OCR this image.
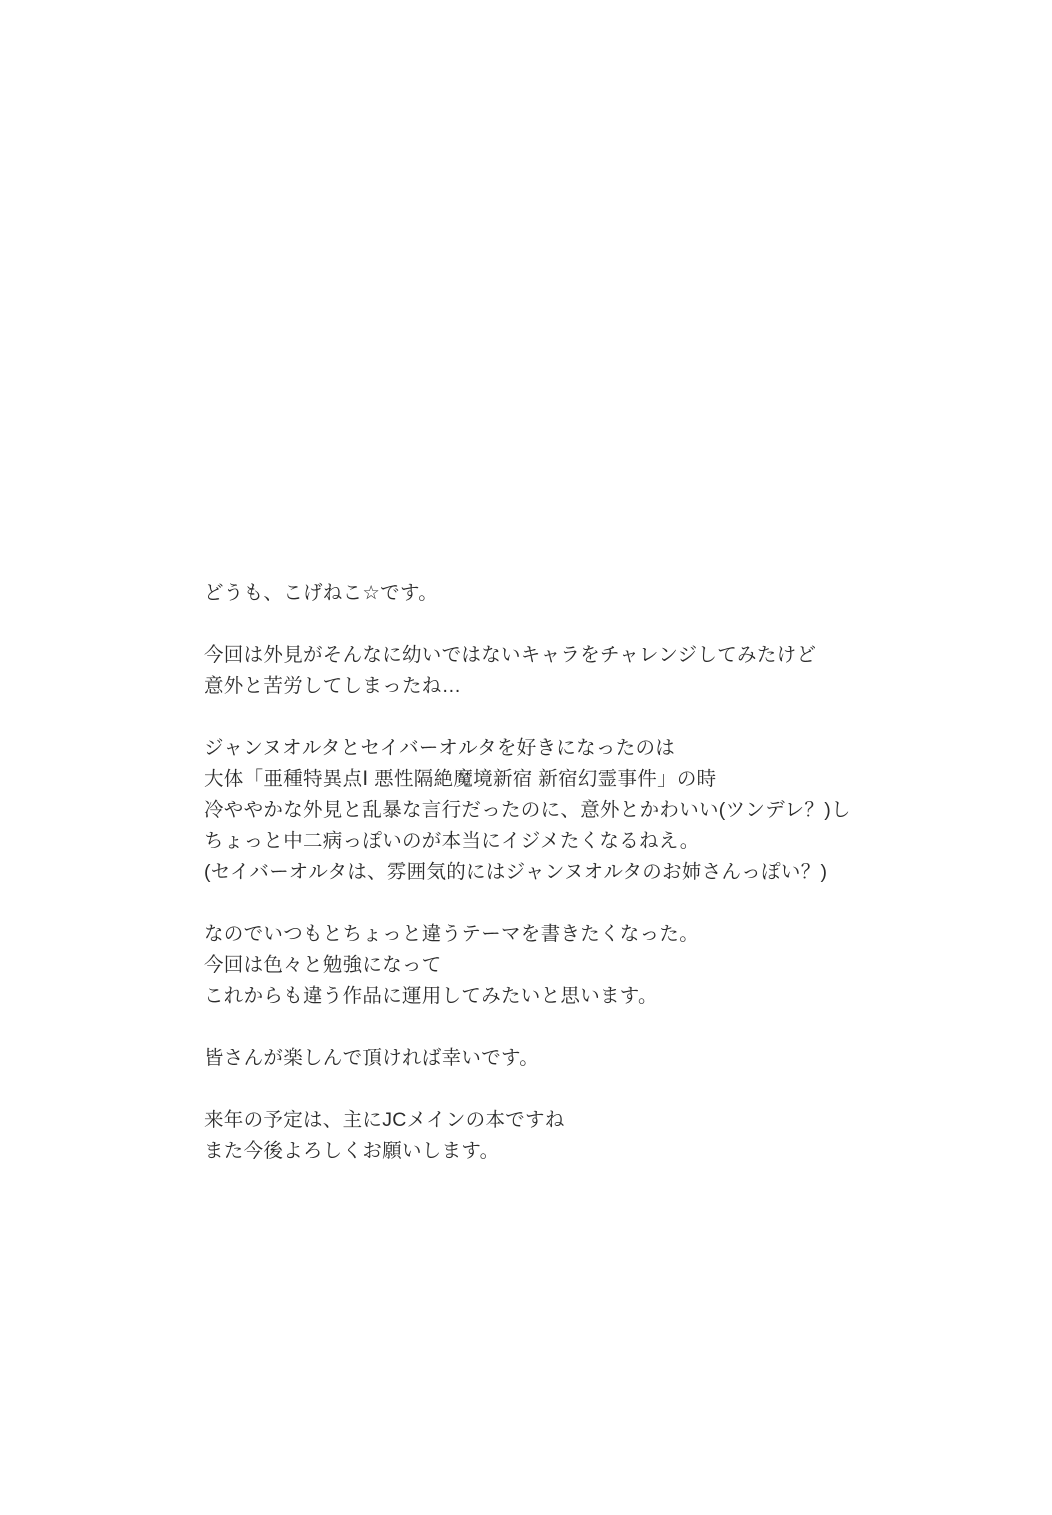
どうも、こげねこ☆です。

今回は外見がそんなに幼いではないキャラをチャレンジしてみたけど
意外と苦労してしまったね…

ジャンヌオルタとセイバーオルタを好きになったのは
大体「亜種特異点Ⅰ 悪性隔絶魔境新宿 新宿幻霊事件」の時
冷ややかな外見と乱暴な言行だったのに、意外とかわいい(ツンデレ？)し
ちょっと中二病っぽいのが本当にイジメたくなるねえ。
(セイバーオルタは、雰囲気的にはジャンヌオルタのお姉さんっぽい？)

なのでいつもとちょっと違うテーマを書きたくなった。
今回は色々と勉強になって
これからも違う作品に運用してみたいと思います。

皆さんが楽しんで頂ければ幸いです。

来年の予定は、主にJCメインの本ですね
また今後よろしくお願いします。
